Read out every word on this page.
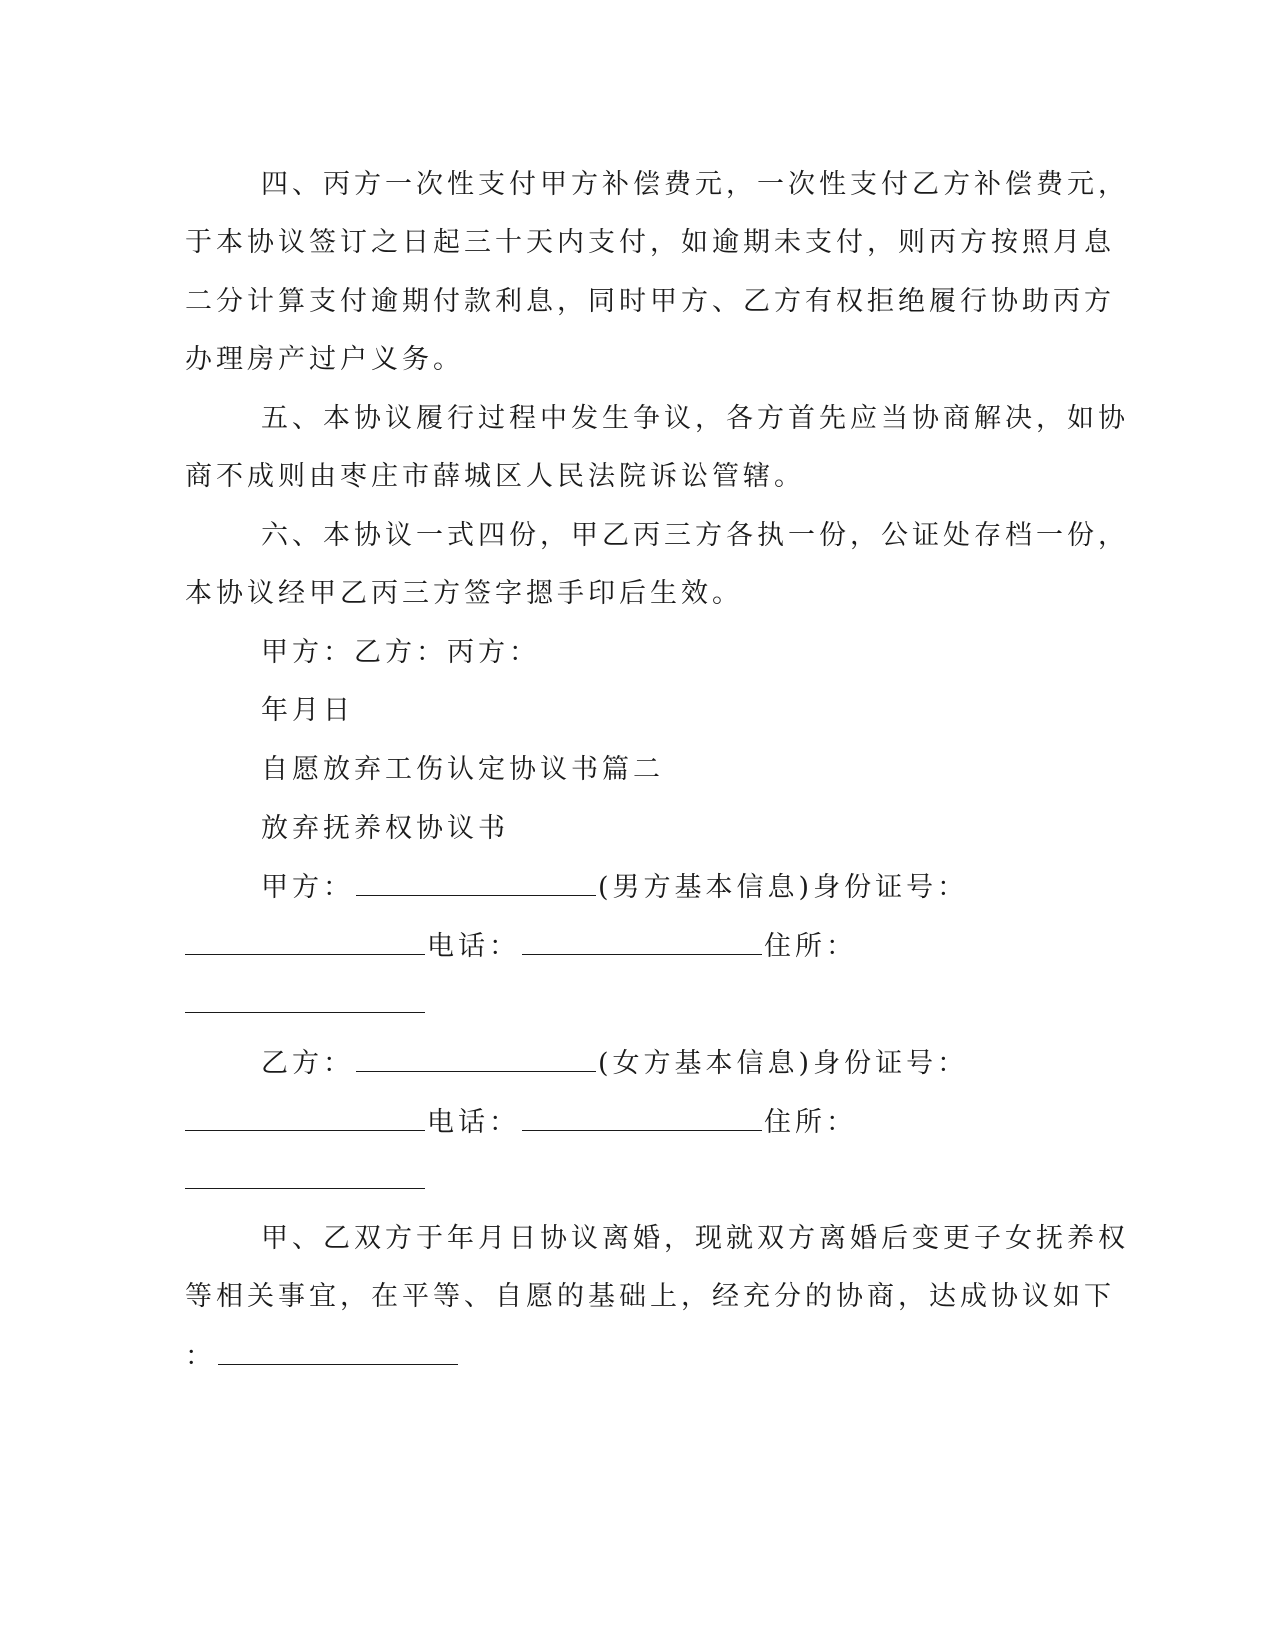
四、丙方一次性支付甲方补偿费元，一次性支付乙方补偿费元，
于本协议签订之日起三十天内支付，如逾期未支付，则丙方按照月息
二分计算支付逾期付款利息，同时甲方、乙方有权拒绝履行协助丙方
办理房产过户义务。
五、本协议履行过程中发生争议，各方首先应当协商解决，如协
商不成则由枣庄市薛城区人民法院诉讼管辖。
六、本协议一式四份，甲乙丙三方各执一份，公证处存档一份，
本协议经甲乙丙三方签字摁手印后生效。
甲方：乙方：丙方：
年月日
自愿放弃工伤认定协议书篇二
放弃抚养权协议书
甲方：	(男方基本信息)身份证号：
电话：	住所：
乙方：	(女方基本信息)身份证号：
电话：	住所：
甲、乙双方于年月日协议离婚，现就双方离婚后变更子女抚养权
等相关事宜，在平等、自愿的基础上，经充分的协商，达成协议如下
：
